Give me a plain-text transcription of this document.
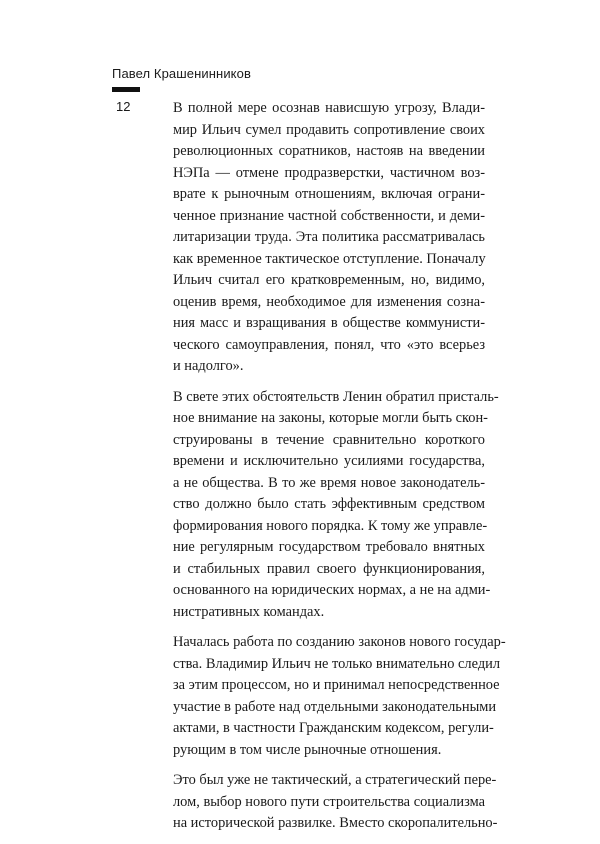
Павел Крашенинников
12	В полной мере осознав нависшую угрозу, Влади-
мир Ильич сумел продавить сопротивление своих
революционных соратников, настояв на введении
НЭПа — отмене продразверстки, частичном воз-
врате к рыночным отношениям, включая ограни-
ченное признание частной собственности, и деми-
литаризации труда. Эта политика рассматривалась
как временное тактическое отступление. Поначалу
Ильич считал его кратковременным, но, видимо,
оценив время, необходимое для изменения созна-
ния масс и взращивания в обществе коммунисти-
ческого самоуправления, понял, что «это всерьез
и надолго».

В свете этих обстоятельств Ленин обратил присталь-
ное внимание на законы, которые могли быть скон-
струированы в течение сравнительно короткого
времени и исключительно усилиями государства,
а не общества. В то же время новое законодатель-
ство должно было стать эффективным средством
формирования нового порядка. К тому же управле-
ние регулярным государством требовало внятных
и стабильных правил своего функционирования,
основанного на юридических нормах, а не на адми-
нистративных командах.

Началась работа по созданию законов нового государ-
ства. Владимир Ильич не только внимательно следил
за этим процессом, но и принимал непосредственное
участие в работе над отдельными законодательными
актами, в частности Гражданским кодексом, регули-
рующим в том числе рыночные отношения.

Это был уже не тактический, а стратегический пере-
лом, выбор нового пути строительства социализма
на исторической развилке. Вместо скоропалительно-
